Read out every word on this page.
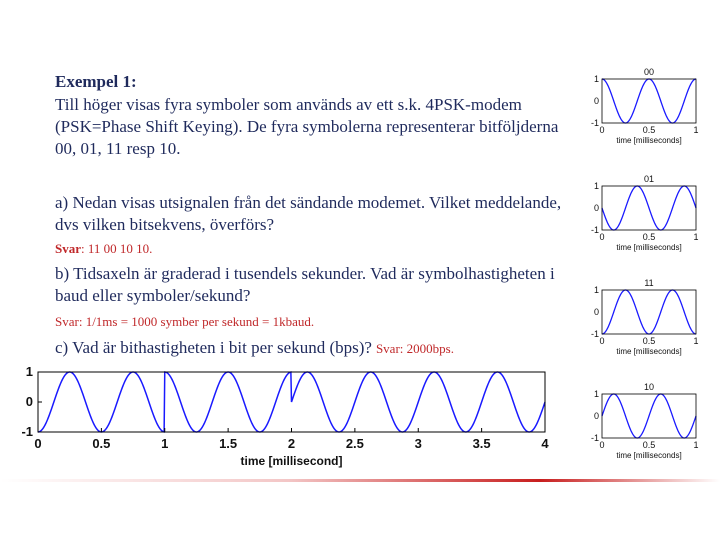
Exempel 1:

Till höger visas fyra symboler som används av ett s.k. 4PSK-modem (PSK=Phase Shift Keying). De fyra symbolerna representerar bitföljderna 00, 01, 11 resp 10.

a) Nedan visas utsignalen från det sändande modemet. Vilket meddelande, dvs vilken bitsekvens, överförs?

Svar: 11 00 10 10.

b) Tidsaxeln är graderad i tusendels sekunder. Vad är symbolhastigheten i baud eller symboler/sekund?

Svar: 1/1ms = 1000 symber per sekund = 1kbaud.
c) Vad är bithastigheten i bit per sekund (bps)? Svar: 2000bps.
0	0.5	1	1.5	2	2.5	3	3.5	4
1
0
-1
time [millisecond]
00
1
0
-1
0	0.5	1
time [milliseconds]
01
1
0
-1
0	0.5	1
time [milliseconds]
11
1
0
-1
0	0.5	1
time [milliseconds]
10
1
0
-1
0	0.5	1
time [milliseconds]
